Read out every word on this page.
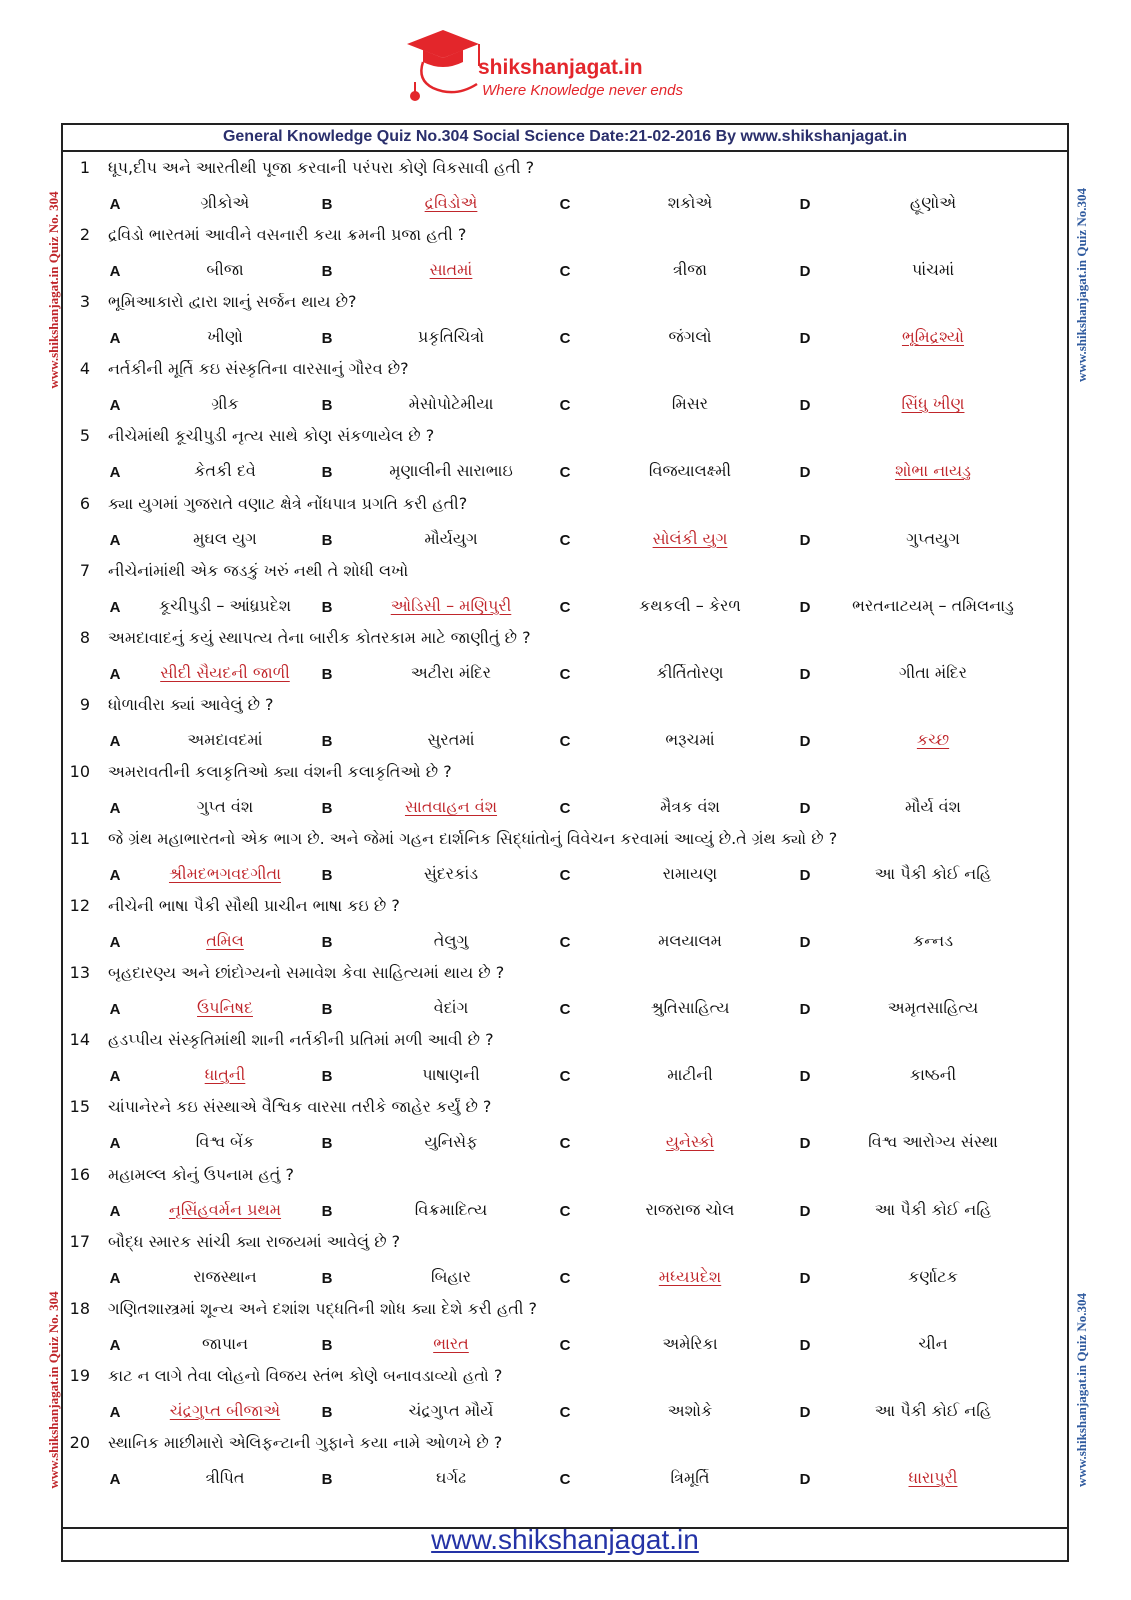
shikshanjagat.in
Where Knowledge never ends
General Knowledge Quiz No.304 Social Science Date:21-02-2016 By www.shikshanjagat.in
www.shikshanjagat.in Quiz No. 304
www.shikshanjagat.in Quiz No. 304
www.shikshanjagat.in Quiz No.304
www.shikshanjagat.in Quiz No.304
1 ધૂપ,દીપ અને આરતીથી પૂજા કરવાની પરંપરા કોણે વિકસાવી હતી ?
A	ગ્રીકોએ	B	દ્રવિડોએ	C	શકોએ	D	હૂણોએ
2 દ્રવિડો ભારતમાં આવીને વસનારી કયા ક્રમની પ્રજા હતી ?
A	બીજા	B	સાતમાં	C	ત્રીજા	D	પાંચમાં
3 ભૂમિઆકારો દ્વારા શાનું સર્જન થાય છે?
A	ખીણો	B	પ્રકૃતિચિત્રો	C	જંગલો	D	ભૂમિદ્રશ્યો
4 નર્તકીની મૂર્તિ કઇ સંસ્કૃતિના વારસાનું ગૌરવ છે?
A	ગ્રીક	B	મેસોપોટેમીયા	C	મિસર	D	સિંધુ ખીણ
5 નીચેમાંથી કૂચીપુડી નૃત્ય સાથે કોણ સંકળાયેલ છે ?
A	કેતકી દવે	B	મૃણાલીની સારાભાઇ	C	વિજયાલક્ષ્મી	D	શોભા નાયડુ
6 ક્યા યુગમાં ગુજરાતે વણાટ ક્ષેત્રે નોંધપાત્ર પ્રગતિ કરી હતી?
A	મુઘલ યુગ	B	મૌર્યયુગ	C	સોલંકી યુગ	D	ગુપ્તયુગ
7 નીચેનાંમાંથી એક જડકું ખરું નથી તે શોધી લખો
A	કૂચીપુડી – આંધ્રપ્રદેશ	B	ઓડિસી – મણિપુરી	C	કથકલી – કેરળ	D	ભરતનાટયમ્ – તમિલનાડુ
8 અમદાવાદનું કયું સ્થાપત્ય તેના બારીક કોતરકામ માટે જાણીતું છે ?
A	સીદી સૈયદની જાળી	B	અટીરા મંદિર	C	કીર્તિતોરણ	D	ગીતા મંદિર
9 ધોળાવીરા ક્યાં આવેલું છે ?
A	અમદાવદમાં	B	સુરતમાં	C	ભરૂચમાં	D	કચ્છ
10 અમરાવતીની કલાકૃતિઓ ક્યા વંશની કલાકૃતિઓ છે ?
A	ગુપ્ત વંશ	B	સાતવાહન વંશ	C	મૈત્રક વંશ	D	મૌર્ય વંશ
11 જે ગ્રંથ મહાભારતનો એક ભાગ છે. અને જેમાં ગહન દાર્શનિક સિદ્ધાંતોનું વિવેચન કરવામાં આવ્યું છે.તે ગ્રંથ ક્યો છે ?
A	શ્રીમદભગવદગીતા	B	સુંદરકાંડ	C	રામાયણ	D	આ પૈકી કોઈ નહિ
12 નીચેની ભાષા પૈકી સૌથી પ્રાચીન ભાષા કઇ છે ?
A	તમિલ	B	તેલુગુ	C	મલયાલમ	D	કન્નડ
13 બૃહદારણ્ય અને છાંદોગ્યનો સમાવેશ કેવા સાહિત્યમાં થાય છે ?
A	ઉપનિષદ	B	વેદાંગ	C	શ્રુતિસાહિત્ય	D	અમૃતસાહિત્ય
14 હડપ્પીય સંસ્કૃતિમાંથી શાની નર્તકીની પ્રતિમાં મળી આવી છે ?
A	ધાતુની	B	પાષાણની	C	માટીની	D	કાષ્ઠની
15 ચાંપાનેરને કઇ સંસ્થાએ વૈશ્વિક વારસા તરીકે જાહેર કર્યું છે ?
A	વિશ્વ બેંક	B	યુનિસેફ	C	યુનેસ્કો	D	વિશ્વ આરોગ્ય સંસ્થા
16 મહામલ્લ કોનું ઉપનામ હતું ?
A	નૃસિંહવર્મન પ્રથમ	B	વિક્રમાદિત્ય	C	રાજરાજ ચોલ	D	આ પૈકી કોઈ નહિ
17 બૌદ્ધ સ્મારક સાંચી ક્યા રાજયમાં આવેલું છે ?
A	રાજસ્થાન	B	બિહાર	C	મધ્યપ્રદેશ	D	કર્ણાટક
18 ગણિતશાસ્ત્રમાં શૂન્ય અને દશાંશ પદ્ધતિની શોધ ક્યા દેશે કરી હતી ?
A	જાપાન	B	ભારત	C	અમેરિકા	D	ચીન
19 કાટ ન લાગે તેવા લોહનો વિજય સ્તંભ કોણે બનાવડાવ્યો હતો ?
A	ચંદ્રગુપ્ત બીજાએ	B	ચંદ્રગુપ્ત મૌર્યે	C	અશોકે	D	આ પૈકી કોઈ નહિ
20 સ્થાનિક માછીમારો એલિફન્ટાની ગુફાને કયા નામે ઓળખે છે ?
A	ત્રીપિત	B	ઘર્ગઢ	C	ત્રિમૂર્તિ	D	ધારાપુરી
www.shikshanjagat.in
